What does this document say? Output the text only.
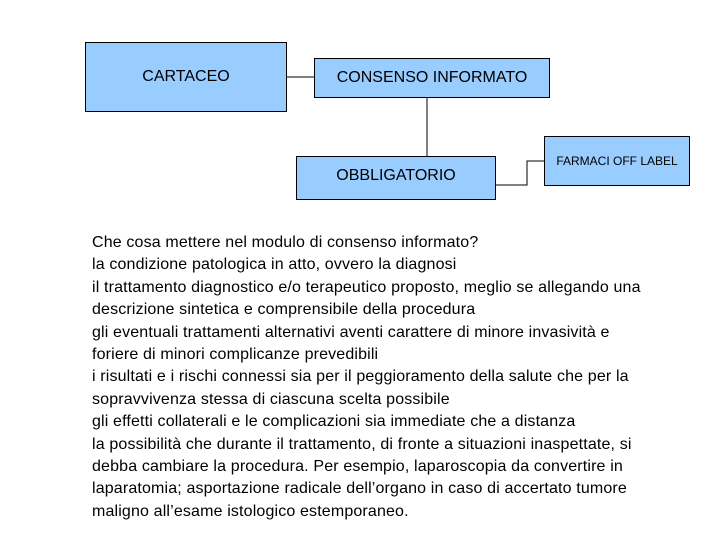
CARTACEO	CONSENSO INFORMATO
OBBLIGATORIO
FARMACI OFF LABEL
Che cosa mettere nel modulo di consenso informato?
la condizione patologica in atto, ovvero la diagnosi
il trattamento diagnostico e/o terapeutico proposto, meglio se allegando una
descrizione sintetica e comprensibile della procedura
gli eventuali trattamenti alternativi aventi carattere di minore invasività e
foriere di minori complicanze prevedibili
i risultati e i rischi connessi sia per il peggioramento della salute che per la
sopravvivenza stessa di ciascuna scelta possibile
gli effetti collaterali e le complicazioni sia immediate che a distanza
la possibilità che durante il trattamento, di fronte a situazioni inaspettate, si
debba cambiare la procedura. Per esempio, laparoscopia da convertire in
laparatomia; asportazione radicale dell’organo in caso di accertato tumore
maligno all’esame istologico estemporaneo.
